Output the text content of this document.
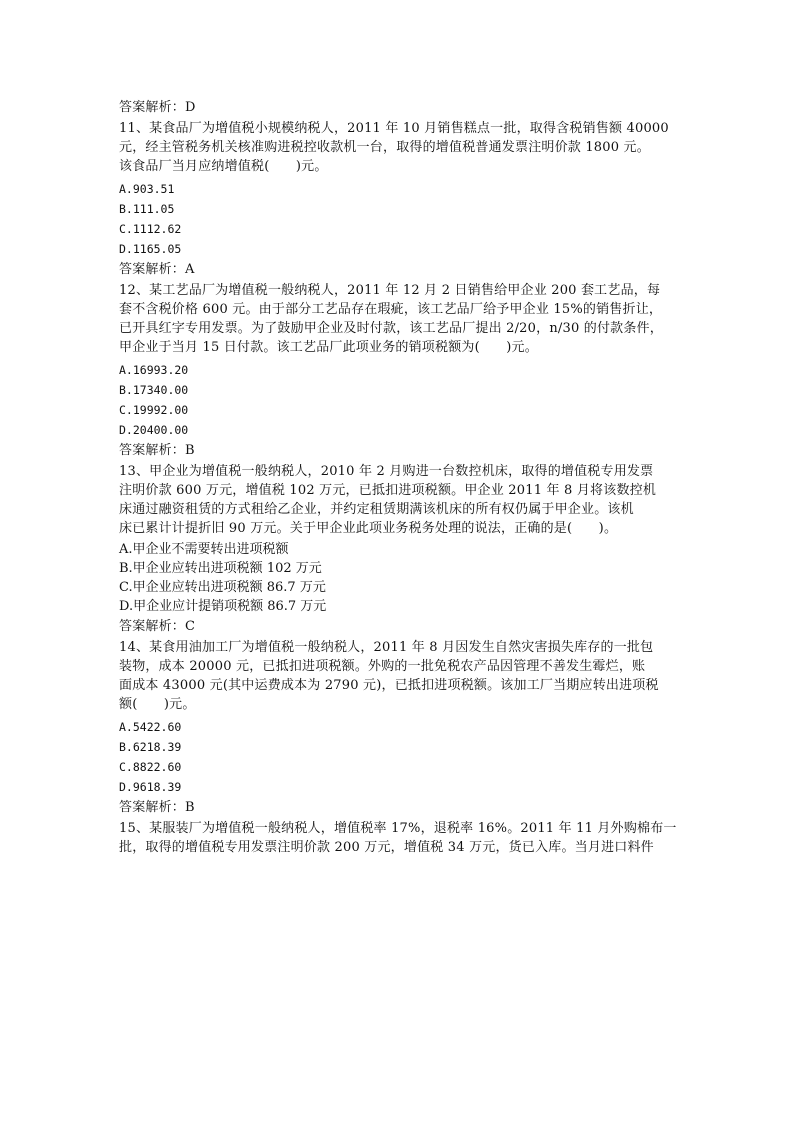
答案解析：D
11、某食品厂为增值税小规模纳税人，2011 年 10 月销售糕点一批，取得含税销售额 40000
元，经主管税务机关核准购进税控收款机一台，取得的增值税普通发票注明价款 1800 元。
该食品厂当月应纳增值税(　　)元。
A.903.51
B.111.05
C.1112.62
D.1165.05
答案解析：A
12、某工艺品厂为增值税一般纳税人，2011 年 12 月 2 日销售给甲企业 200 套工艺品，每
套不含税价格 600 元。由于部分工艺品存在瑕疵，该工艺品厂给予甲企业 15%的销售折让，
已开具红字专用发票。为了鼓励甲企业及时付款，该工艺品厂提出 2/20，n/30 的付款条件，
甲企业于当月 15 日付款。该工艺品厂此项业务的销项税额为(　　)元。
A.16993.20
B.17340.00
C.19992.00
D.20400.00
答案解析：B
13、甲企业为增值税一般纳税人，2010 年 2 月购进一台数控机床，取得的增值税专用发票
注明价款 600 万元，增值税 102 万元，已抵扣进项税额。甲企业 2011 年 8 月将该数控机
床通过融资租赁的方式租给乙企业，并约定租赁期满该机床的所有权仍属于甲企业。该机
床已累计计提折旧 90 万元。关于甲企业此项业务税务处理的说法，正确的是(　　)。
A.甲企业不需要转出进项税额
B.甲企业应转出进项税额 102 万元
C.甲企业应转出进项税额 86.7 万元
D.甲企业应计提销项税额 86.7 万元
答案解析：C
14、某食用油加工厂为增值税一般纳税人，2011 年 8 月因发生自然灾害损失库存的一批包
装物，成本 20000 元，已抵扣进项税额。外购的一批免税农产品因管理不善发生霉烂，账
面成本 43000 元(其中运费成本为 2790 元)，已抵扣进项税额。该加工厂当期应转出进项税
额(　　)元。
A.5422.60
B.6218.39
C.8822.60
D.9618.39
答案解析：B
15、某服装厂为增值税一般纳税人，增值税率 17%，退税率 16%。2011 年 11 月外购棉布一
批，取得的增值税专用发票注明价款 200 万元，增值税 34 万元，货已入库。当月进口料件
